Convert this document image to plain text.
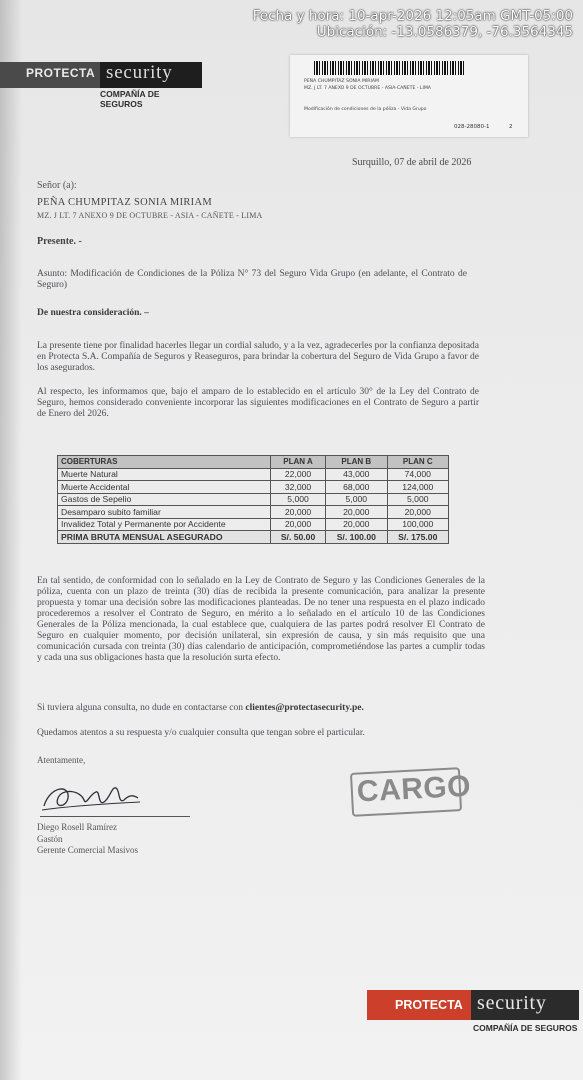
Fecha y hora: 10-apr-2026 12:05am GMT-05:00
Ubicación: -13.0586379, -76.3564345
PROTECTA security
COMPAÑÍA DE SEGUROS
PEÑA CHUMPITAZ SONIA MIRIAM
MZ. J LT. 7 ANEXO 9 DE OCTUBRE - ASIA-CAÑETE - LIMA
Modificación de condiciones de la póliza - Vida Grupo
028-28080-1	2
Surquillo, 07 de abril de 2026
Señor (a):
PEÑA CHUMPITAZ SONIA MIRIAM
MZ. J LT. 7 ANEXO 9 DE OCTUBRE - ASIA - CAÑETE - LIMA
Presente. -
Asunto: Modificación de Condiciones de la Póliza N° 73 del Seguro Vida Grupo (en adelante, el Contrato de Seguro)
De nuestra consideración. –
La presente tiene por finalidad hacerles llegar un cordial saludo, y a la vez, agradecerles por la confianza depositada en Protecta S.A. Compañía de Seguros y Reaseguros, para brindar la cobertura del Seguro de Vida Grupo a favor de los asegurados.
Al respecto, les informamos que, bajo el amparo de lo establecido en el artículo 30° de la Ley del Contrato de Seguro, hemos considerado conveniente incorporar las siguientes modificaciones en el Contrato de Seguro a partir de Enero del 2026.
COBERTURAS	PLAN A	PLAN B	PLAN C
Muerte Natural	22,000	43,000	74,000
Muerte Accidental	32,000	68,000	124,000
Gastos de Sepelio	5,000	5,000	5,000
Desamparo subito familiar	20,000	20,000	20,000
Invalidez Total y Permanente por Accidente	20,000	20,000	100,000
PRIMA BRUTA MENSUAL ASEGURADO	S/. 50.00	S/. 100.00	S/. 175.00
En tal sentido, de conformidad con lo señalado en la Ley de Contrato de Seguro y las Condiciones Generales de la póliza, cuenta con un plazo de treinta (30) días de recibida la presente comunicación, para analizar la presente propuesta y tomar una decisión sobre las modificaciones planteadas. De no tener una respuesta en el plazo indicado procederemos a resolver el Contrato de Seguro, en mérito a lo señalado en el artículo 10 de las Condiciones Generales de la Póliza mencionada, la cual establece que, cualquiera de las partes podrá resolver El Contrato de Seguro en cualquier momento, por decisión unilateral, sin expresión de causa, y sin más requisito que una comunicación cursada con treinta (30) días calendario de anticipación, comprometiéndose las partes a cumplir todas y cada una sus obligaciones hasta que la resolución surta efecto.
Si tuviera alguna consulta, no dude en contactarse con clientes@protectasecurity.pe.
Quedamos atentos a su respuesta y/o cualquier consulta que tengan sobre el particular.
Atentamente,
Diego Rosell Ramírez
Gastón
Gerente Comercial Masivos
CARGO
PROTECTA security
COMPAÑÍA DE SEGUROS
